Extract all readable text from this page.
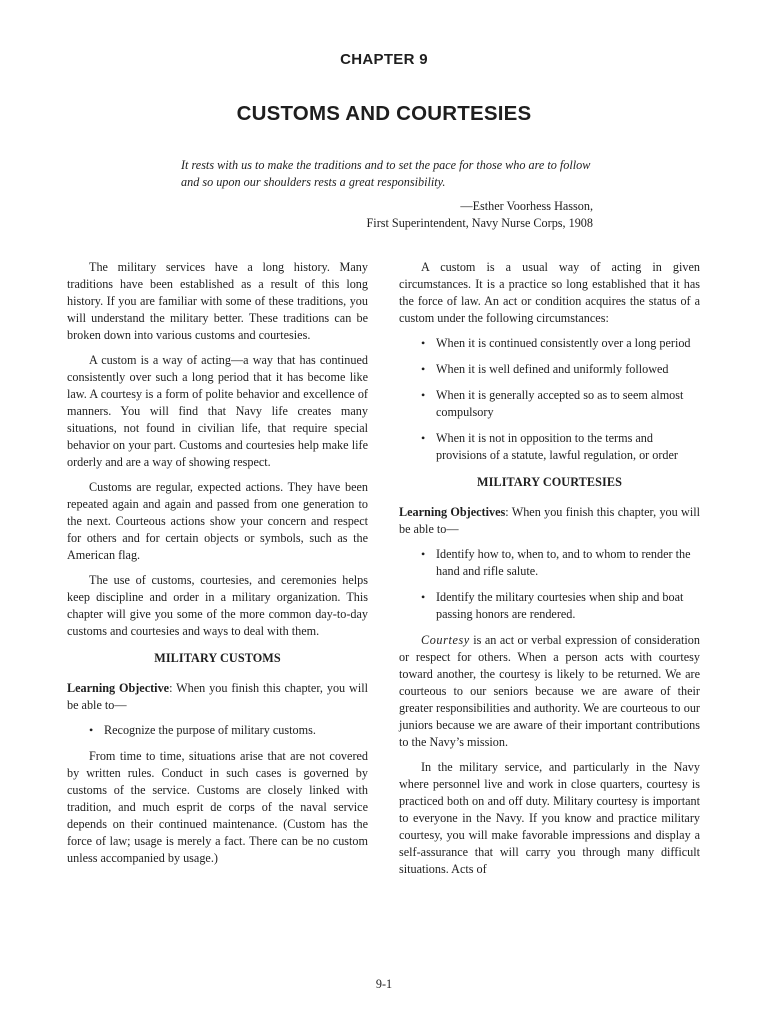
CHAPTER 9
CUSTOMS AND COURTESIES
It rests with us to make the traditions and to set the pace for those who are to follow and so upon our shoulders rests a great responsibility.
—Esther Voorhess Hasson,
First Superintendent, Navy Nurse Corps, 1908

The military services have a long history. Many traditions have been established as a result of this long history. If you are familiar with some of these traditions, you will understand the military better. These traditions can be broken down into various customs and courtesies.

A custom is a way of acting—a way that has continued consistently over such a long period that it has become like law. A courtesy is a form of polite behavior and excellence of manners. You will find that Navy life creates many situations, not found in civilian life, that require special behavior on your part. Customs and courtesies help make life orderly and are a way of showing respect.

Customs are regular, expected actions. They have been repeated again and again and passed from one generation to the next. Courteous actions show your concern and respect for others and for certain objects or symbols, such as the American flag.

The use of customs, courtesies, and ceremonies helps keep discipline and order in a military organization. This chapter will give you some of the more common day-to-day customs and courtesies and ways to deal with them.

MILITARY CUSTOMS

Learning Objective: When you finish this chapter, you will be able to—

• Recognize the purpose of military customs.

From time to time, situations arise that are not covered by written rules. Conduct in such cases is governed by customs of the service. Customs are closely linked with tradition, and much esprit de corps of the naval service depends on their continued maintenance. (Custom has the force of law; usage is merely a fact. There can be no custom unless accompanied by usage.)

A custom is a usual way of acting in given circumstances. It is a practice so long established that it has the force of law. An act or condition acquires the status of a custom under the following circumstances:

• When it is continued consistently over a long period
• When it is well defined and uniformly followed
• When it is generally accepted so as to seem almost compulsory
• When it is not in opposition to the terms and provisions of a statute, lawful regulation, or order
MILITARY COURTESIES

Learning Objectives: When you finish this chapter, you will be able to—

• Identify how to, when to, and to whom to render the hand and rifle salute.
• Identify the military courtesies when ship and boat passing honors are rendered.

Courtesy is an act or verbal expression of consideration or respect for others. When a person acts with courtesy toward another, the courtesy is likely to be returned. We are courteous to our seniors because we are aware of their greater responsibilities and authority. We are courteous to our juniors because we are aware of their important contributions to the Navy’s mission.

In the military service, and particularly in the Navy where personnel live and work in close quarters, courtesy is practiced both on and off duty. Military courtesy is important to everyone in the Navy. If you know and practice military courtesy, you will make favorable impressions and display a self-assurance that will carry you through many difficult situations. Acts of

9-1
